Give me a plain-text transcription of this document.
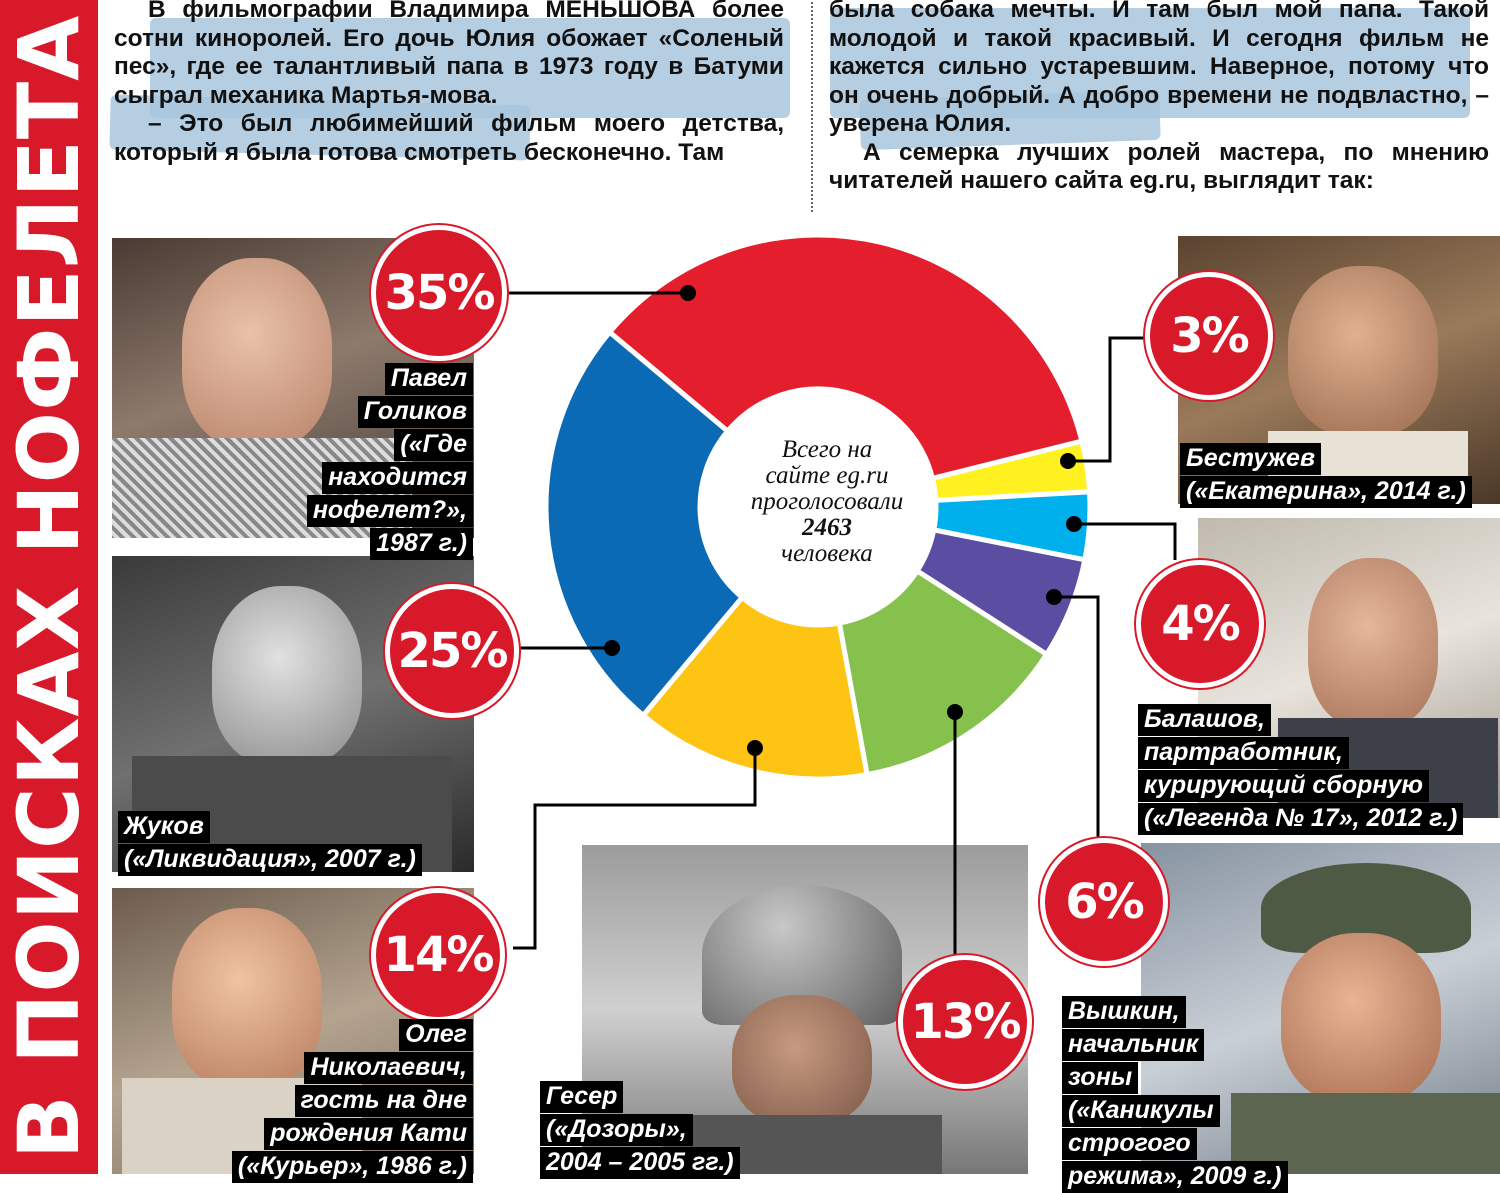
В ПОИСКАХ НОФЕЛЕТА
В фильмографии Владимира МЕНЬШОВА более сотни киноролей. Его дочь Юлия обожает «Соленый пес», где ее талантливый папа в 1973 году в Батуми сыграл механика Мартья-мова.
– Это был любимейший фильм моего детства, который я была готова смотреть бесконечно. Там
была собака мечты. И там был мой папа. Такой молодой и такой красивый. И сегодня фильм не кажется сильно устаревшим. Наверное, потому что он очень добрый. А добро времени не подвластно, – уверена Юлия.
А семерка лучших ролей мастера, по мнению читателей нашего сайта eg.ru, выглядит так:
Всего на
сайте eg.ru
проголосовали
2463
человека
35%
3%
4%
6%
13%
14%
25%
Павел
Голиков
(«Где
находится
нофелет?»,
1987 г.)
Жуков
(«Ликвидация», 2007 г.)
Олег
Николаевич,
гость на дне
рождения Кати
(«Курьер», 1986 г.)
Гесер
(«Дозоры»,
2004 – 2005 гг.)
Бестужев
(«Екатерина», 2014 г.)
Балашов,
партработник,
курирующий сборную
(«Легенда № 17», 2012 г.)
Вышкин,
начальник
зоны
(«Каникулы
строгого
режима», 2009 г.)
